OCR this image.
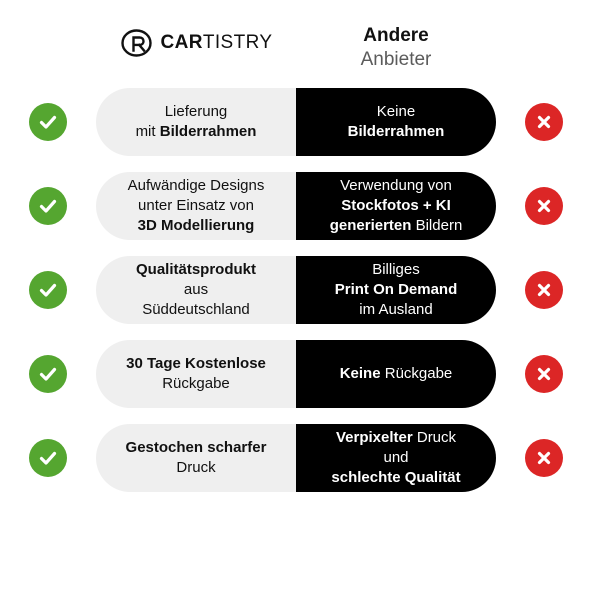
CARTISTRY	Andere
Anbieter
Lieferung
mit Bilderrahmen
Keine
Bilderrahmen
Aufwändige Designs
unter Einsatz von
3D Modellierung
Verwendung von
Stockfotos + KI
generierten Bildern
Qualitätsprodukt
aus
Süddeutschland
Billiges
Print On Demand
im Ausland
30 Tage Kostenlose
Rückgabe
Keine Rückgabe
Gestochen scharfer
Druck
Verpixelter Druck
und
schlechte Qualität
